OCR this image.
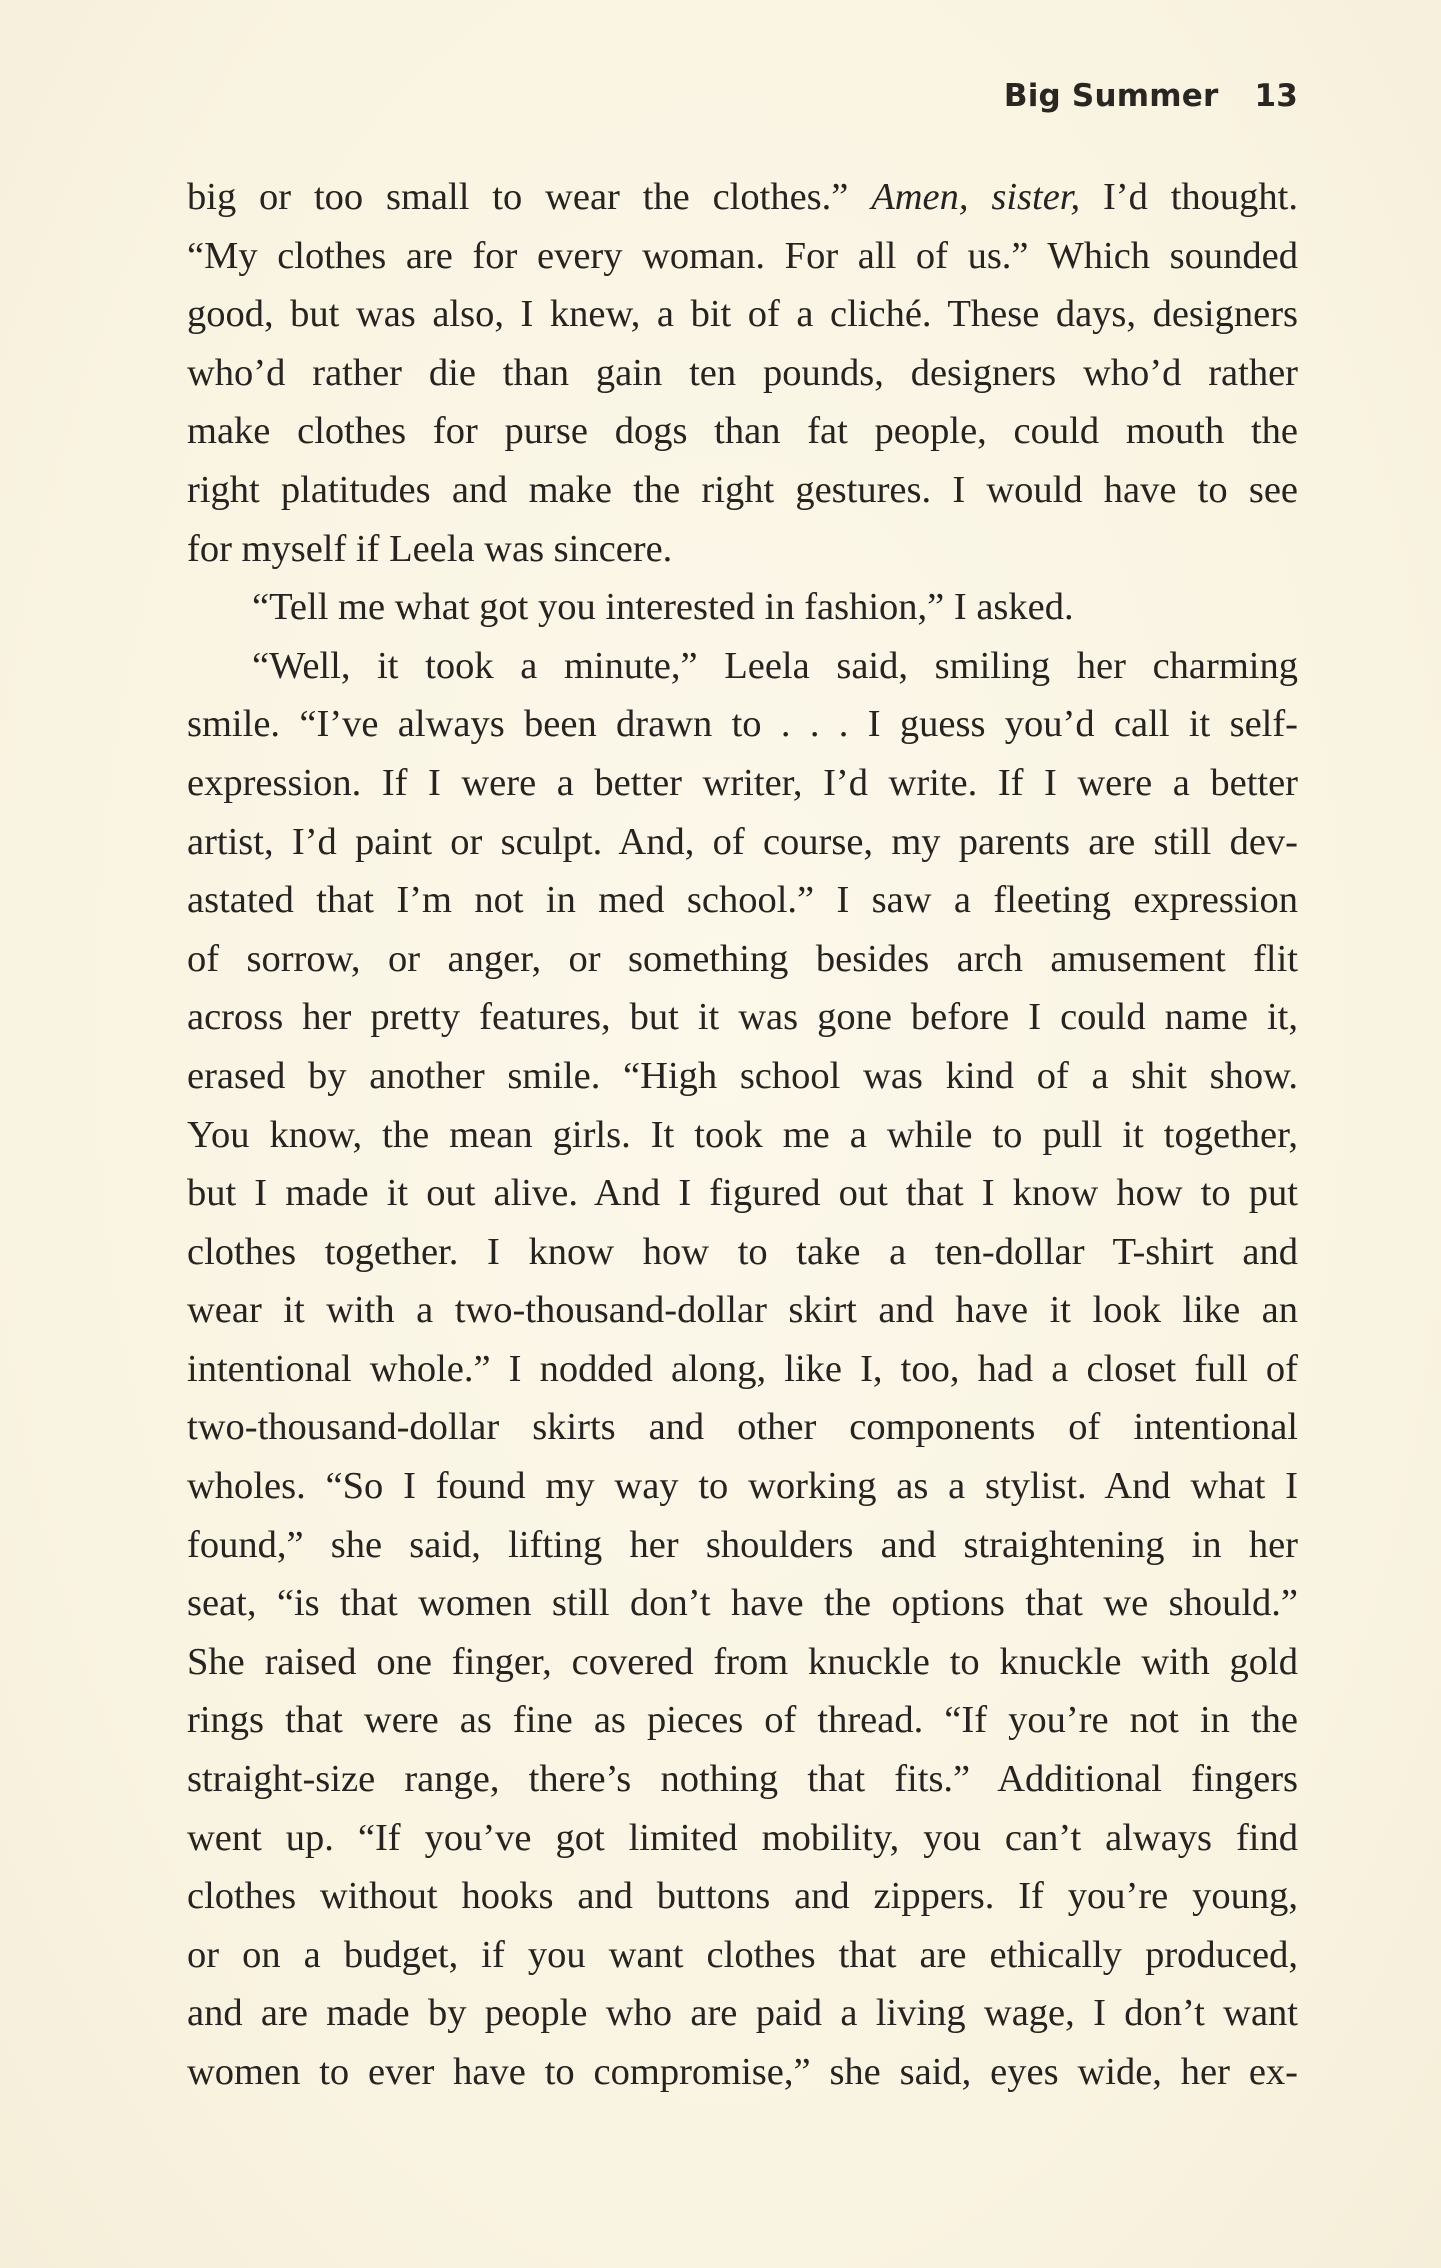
Big Summer 13
big or too small to wear the clothes.” Amen, sister, I’d thought.
“My clothes are for every woman. For all of us.” Which sounded
good, but was also, I knew, a bit of a cliché. These days, designers
who’d rather die than gain ten pounds, designers who’d rather
make clothes for purse dogs than fat people, could mouth the
right platitudes and make the right gestures. I would have to see
for myself if Leela was sincere.
“Tell me what got you interested in fashion,” I asked.
“Well, it took a minute,” Leela said, smiling her charming
smile. “I’ve always been drawn to . . . I guess you’d call it self-
expression. If I were a better writer, I’d write. If I were a better
artist, I’d paint or sculpt. And, of course, my parents are still dev-
astated that I’m not in med school.” I saw a fleeting expression
of sorrow, or anger, or something besides arch amusement flit
across her pretty features, but it was gone before I could name it,
erased by another smile. “High school was kind of a shit show.
You know, the mean girls. It took me a while to pull it together,
but I made it out alive. And I figured out that I know how to put
clothes together. I know how to take a ten-dollar T-shirt and
wear it with a two-thousand-dollar skirt and have it look like an
intentional whole.” I nodded along, like I, too, had a closet full of
two-thousand-dollar skirts and other components of intentional
wholes. “So I found my way to working as a stylist. And what I
found,” she said, lifting her shoulders and straightening in her
seat, “is that women still don’t have the options that we should.”
She raised one finger, covered from knuckle to knuckle with gold
rings that were as fine as pieces of thread. “If you’re not in the
straight-size range, there’s nothing that fits.” Additional fingers
went up. “If you’ve got limited mobility, you can’t always find
clothes without hooks and buttons and zippers. If you’re young,
or on a budget, if you want clothes that are ethically produced,
and are made by people who are paid a living wage, I don’t want
women to ever have to compromise,” she said, eyes wide, her ex-
